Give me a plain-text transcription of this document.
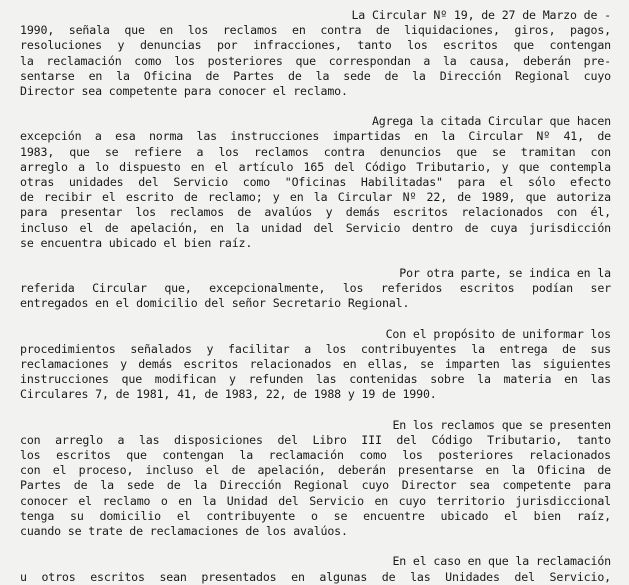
La Circular Nº 19, de 27 de Marzo de -
1990, señala que en los reclamos en contra de liquidaciones, giros, pagos,
resoluciones y denuncias por infracciones, tanto los escritos que contengan
la reclamación como los posteriores que correspondan a la causa, deberán pre-
sentarse en la Oficina de Partes de la sede de la Dirección Regional cuyo
Director sea competente para conocer el reclamo.

Agrega la citada Circular que hacen
excepción a esa norma las instrucciones impartidas en la Circular Nº 41, de
1983, que se refiere a los reclamos contra denuncios que se tramitan con
arreglo a lo dispuesto en el artículo 165 del Código Tributario, y que contempla
otras unidades del Servicio como "Oficinas Habilitadas" para el sólo efecto
de recibir el escrito de reclamo; y en la Circular Nº 22, de 1989, que autoriza
para presentar los reclamos de avalúos y demás escritos relacionados con él,
incluso el de apelación, en la unidad del Servicio dentro de cuya jurisdicción
se encuentra ubicado el bien raíz.

Por otra parte, se indica en la
referida Circular que, excepcionalmente, los referidos escritos podían ser
entregados en el domicilio del señor Secretario Regional.

Con el propósito de uniformar los
procedimientos señalados y facilitar a los contribuyentes la entrega de sus
reclamaciones y demás escritos relacionados en ellas, se imparten las siguientes
instrucciones que modifican y refunden las contenidas sobre la materia en las
Circulares 7, de 1981, 41, de 1983, 22, de 1988 y 19 de 1990.

En los reclamos que se presenten
con arreglo a las disposiciones del Libro III del Código Tributario, tanto
los escritos que contengan la reclamación como los posteriores relacionados
con el proceso, incluso el de apelación, deberán presentarse en la Oficina de
Partes de la sede de la Dirección Regional cuyo Director sea competente para
conocer el reclamo o en la Unidad del Servicio en cuyo territorio jurisdiccional
tenga su domicilio el contribuyente o se encuentre ubicado el bien raíz,
cuando se trate de reclamaciones de los avalúos.

En el caso en que la reclamación
u otros escritos sean presentados en algunas de las Unidades del Servicio,
